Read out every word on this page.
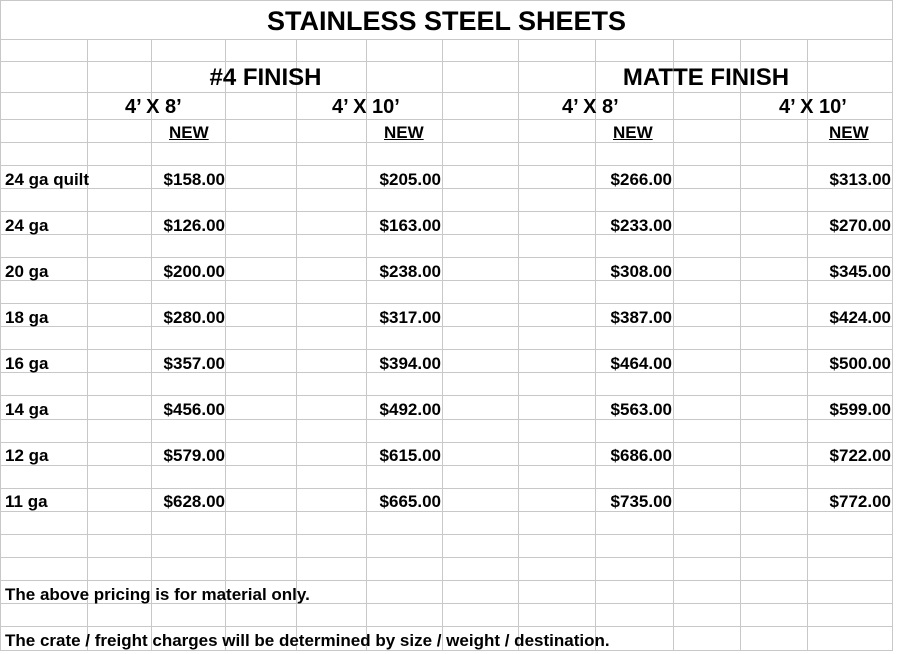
STAINLESS STEEL SHEETS
#4 FINISH	MATTE FINISH
4’ X 8’	4’ X 10’	4’ X 8’	4’ X 10’
NEW	NEW	NEW	NEW
24 ga quilt	$158.00	$205.00	$266.00	$313.00
24 ga	$126.00	$163.00	$233.00	$270.00
20 ga	$200.00	$238.00	$308.00	$345.00
18 ga	$280.00	$317.00	$387.00	$424.00
16 ga	$357.00	$394.00	$464.00	$500.00
14 ga	$456.00	$492.00	$563.00	$599.00
12 ga	$579.00	$615.00	$686.00	$722.00
11 ga	$628.00	$665.00	$735.00	$772.00
The above pricing is for material only.
The crate / freight charges will be determined by size / weight / destination.
